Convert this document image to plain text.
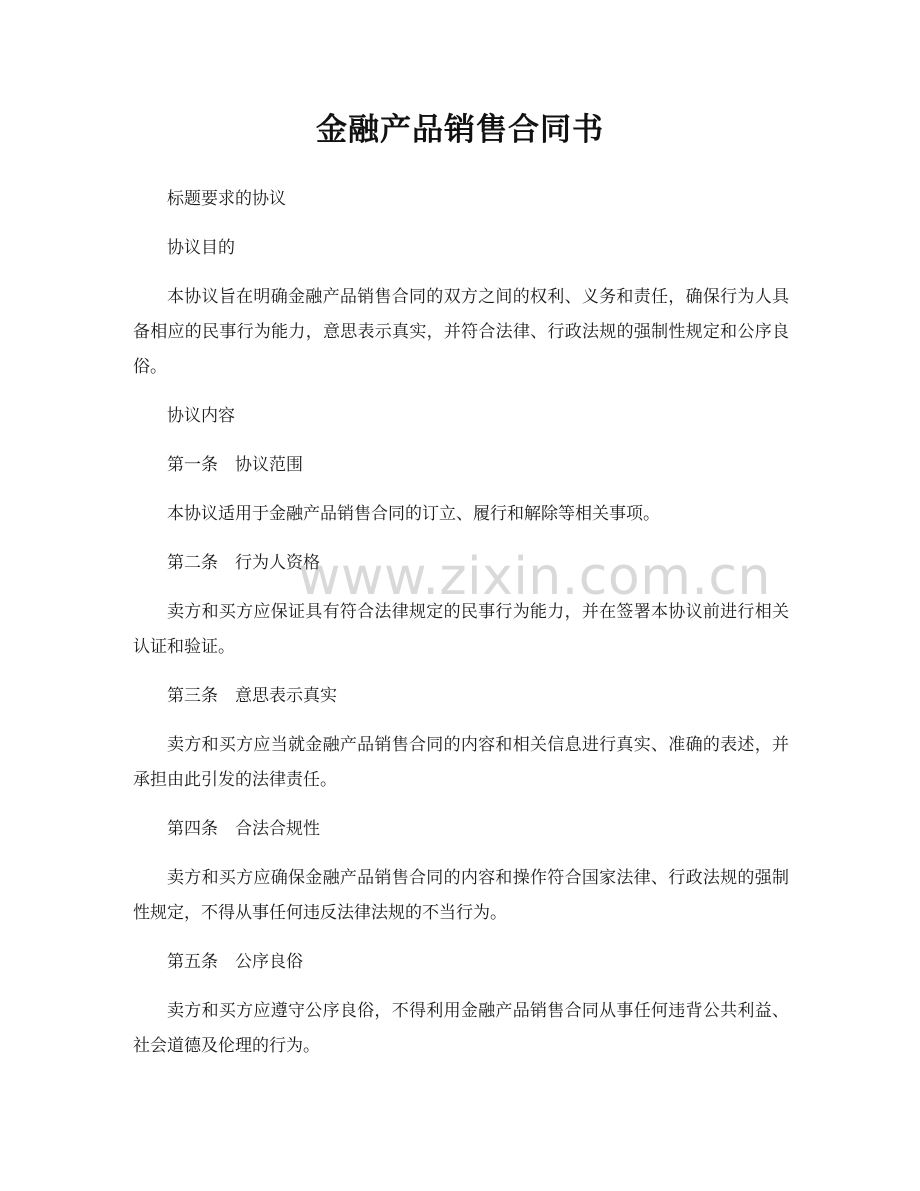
金融产品销售合同书
www.zixin.com.cn

标题要求的协议

协议目的

本协议旨在明确金融产品销售合同的双方之间的权利、义务和责任，确保行为人具备相应的民事行为能力，意思表示真实，并符合法律、行政法规的强制性规定和公序良俗。

协议内容

第一条 协议范围

本协议适用于金融产品销售合同的订立、履行和解除等相关事项。

第二条 行为人资格

卖方和买方应保证具有符合法律规定的民事行为能力，并在签署本协议前进行相关认证和验证。

第三条 意思表示真实

卖方和买方应当就金融产品销售合同的内容和相关信息进行真实、准确的表述，并承担由此引发的法律责任。

第四条 合法合规性

卖方和买方应确保金融产品销售合同的内容和操作符合国家法律、行政法规的强制性规定，不得从事任何违反法律法规的不当行为。

第五条 公序良俗

卖方和买方应遵守公序良俗，不得利用金融产品销售合同从事任何违背公共利益、社会道德及伦理的行为。
